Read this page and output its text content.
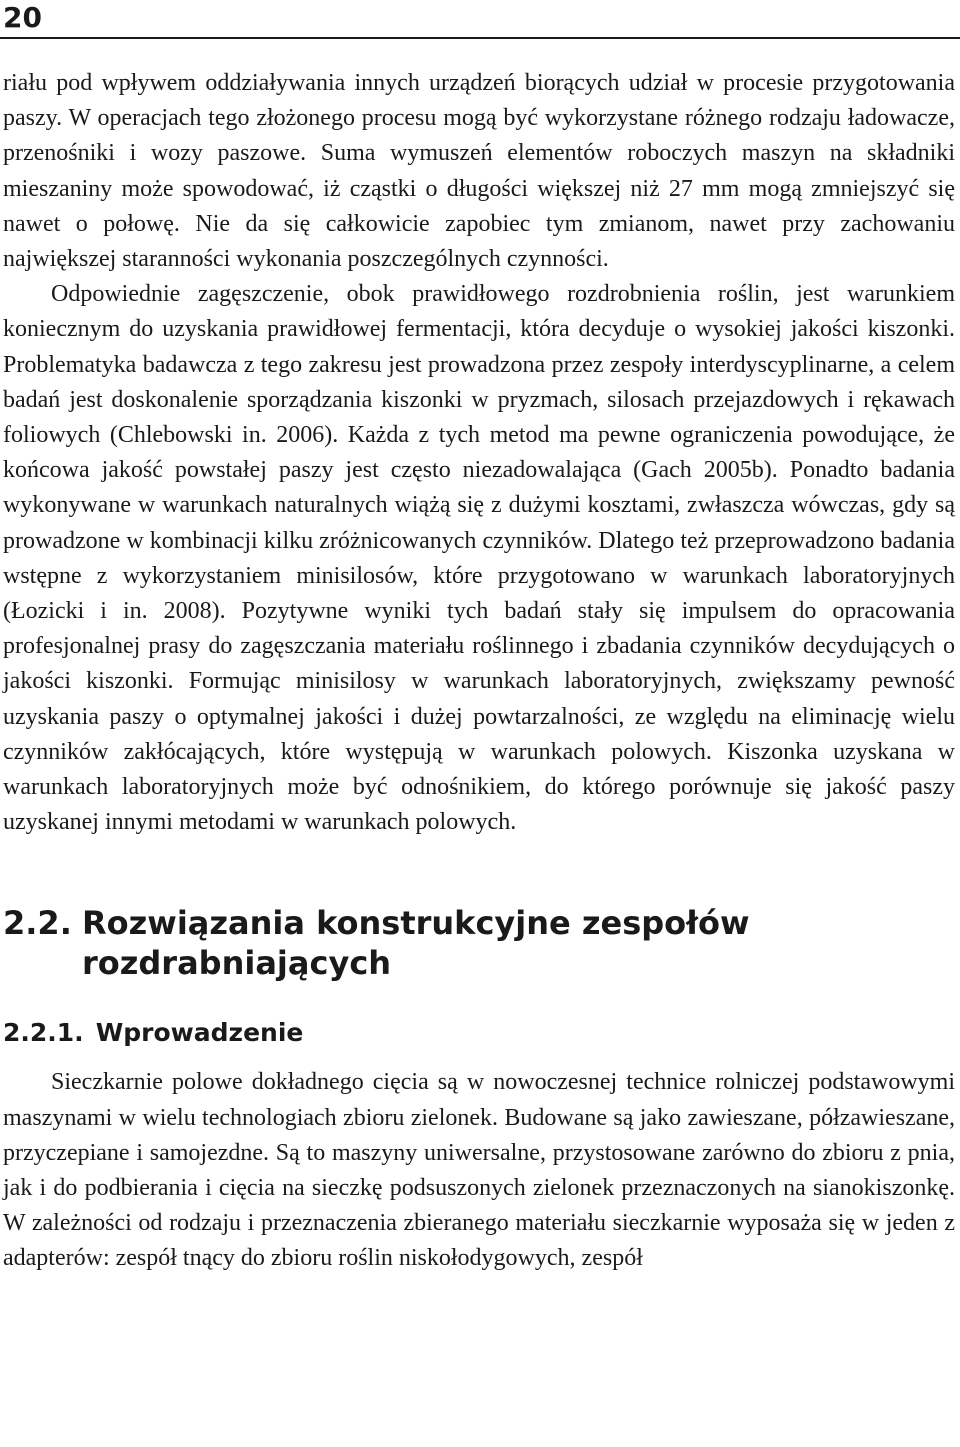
20

riału pod wpływem oddziaływania innych urządzeń biorących udział w procesie przygotowania paszy. W operacjach tego złożonego procesu mogą być wykorzystane różnego rodzaju ładowacze, przenośniki i wozy paszowe. Suma wymuszeń elementów roboczych maszyn na składniki mieszaniny może spowodować, iż cząstki o długości większej niż 27 mm mogą zmniejszyć się nawet o połowę. Nie da się całkowicie zapobiec tym zmianom, nawet przy zachowaniu największej staranności wykonania poszczególnych czynności.

Odpowiednie zagęszczenie, obok prawidłowego rozdrobnienia roślin, jest warunkiem koniecznym do uzyskania prawidłowej fermentacji, która decyduje o wysokiej jakości kiszonki. Problematyka badawcza z tego zakresu jest prowadzona przez zespoły interdyscyplinarne, a celem badań jest doskonalenie sporządzania kiszonki w pryzmach, silosach przejazdowych i rękawach foliowych (Chlebowski in. 2006). Każda z tych metod ma pewne ograniczenia powodujące, że końcowa jakość powstałej paszy jest często niezadowalająca (Gach 2005b). Ponadto badania wykonywane w warunkach naturalnych wiążą się z dużymi kosztami, zwłaszcza wówczas, gdy są prowadzone w kombinacji kilku zróżnicowanych czynników. Dlatego też przeprowadzono badania wstępne z wykorzystaniem minisilosów, które przygotowano w warunkach laboratoryjnych (Łozicki i in. 2008). Pozytywne wyniki tych badań stały się impulsem do opracowania profesjonalnej prasy do zagęszczania materiału roślinnego i zbadania czynników decydujących o jakości kiszonki. Formując minisilosy w warunkach laboratoryjnych, zwiększamy pewność uzyskania paszy o optymalnej jakości i dużej powtarzalności, ze względu na eliminację wielu czynników zakłócających, które występują w warunkach polowych. Kiszonka uzyskana w warunkach laboratoryjnych może być odnośnikiem, do którego porównuje się jakość paszy uzyskanej innymi metodami w warunkach polowych.

2.2. Rozwiązania konstrukcyjne zespołów rozdrabniających
2.2.1. Wprowadzenie

Sieczkarnie polowe dokładnego cięcia są w nowoczesnej technice rolniczej podstawowymi maszynami w wielu technologiach zbioru zielonek. Budowane są jako zawieszane, półzawieszane, przyczepiane i samojezdne. Są to maszyny uniwersalne, przystosowane zarówno do zbioru z pnia, jak i do podbierania i cięcia na sieczkę podsuszonych zielonek przeznaczonych na sianokiszonkę. W zależności od rodzaju i przeznaczenia zbieranego materiału sieczkarnie wyposaża się w jeden z adapterów: zespół tnący do zbioru roślin niskołodygowych, zespół
